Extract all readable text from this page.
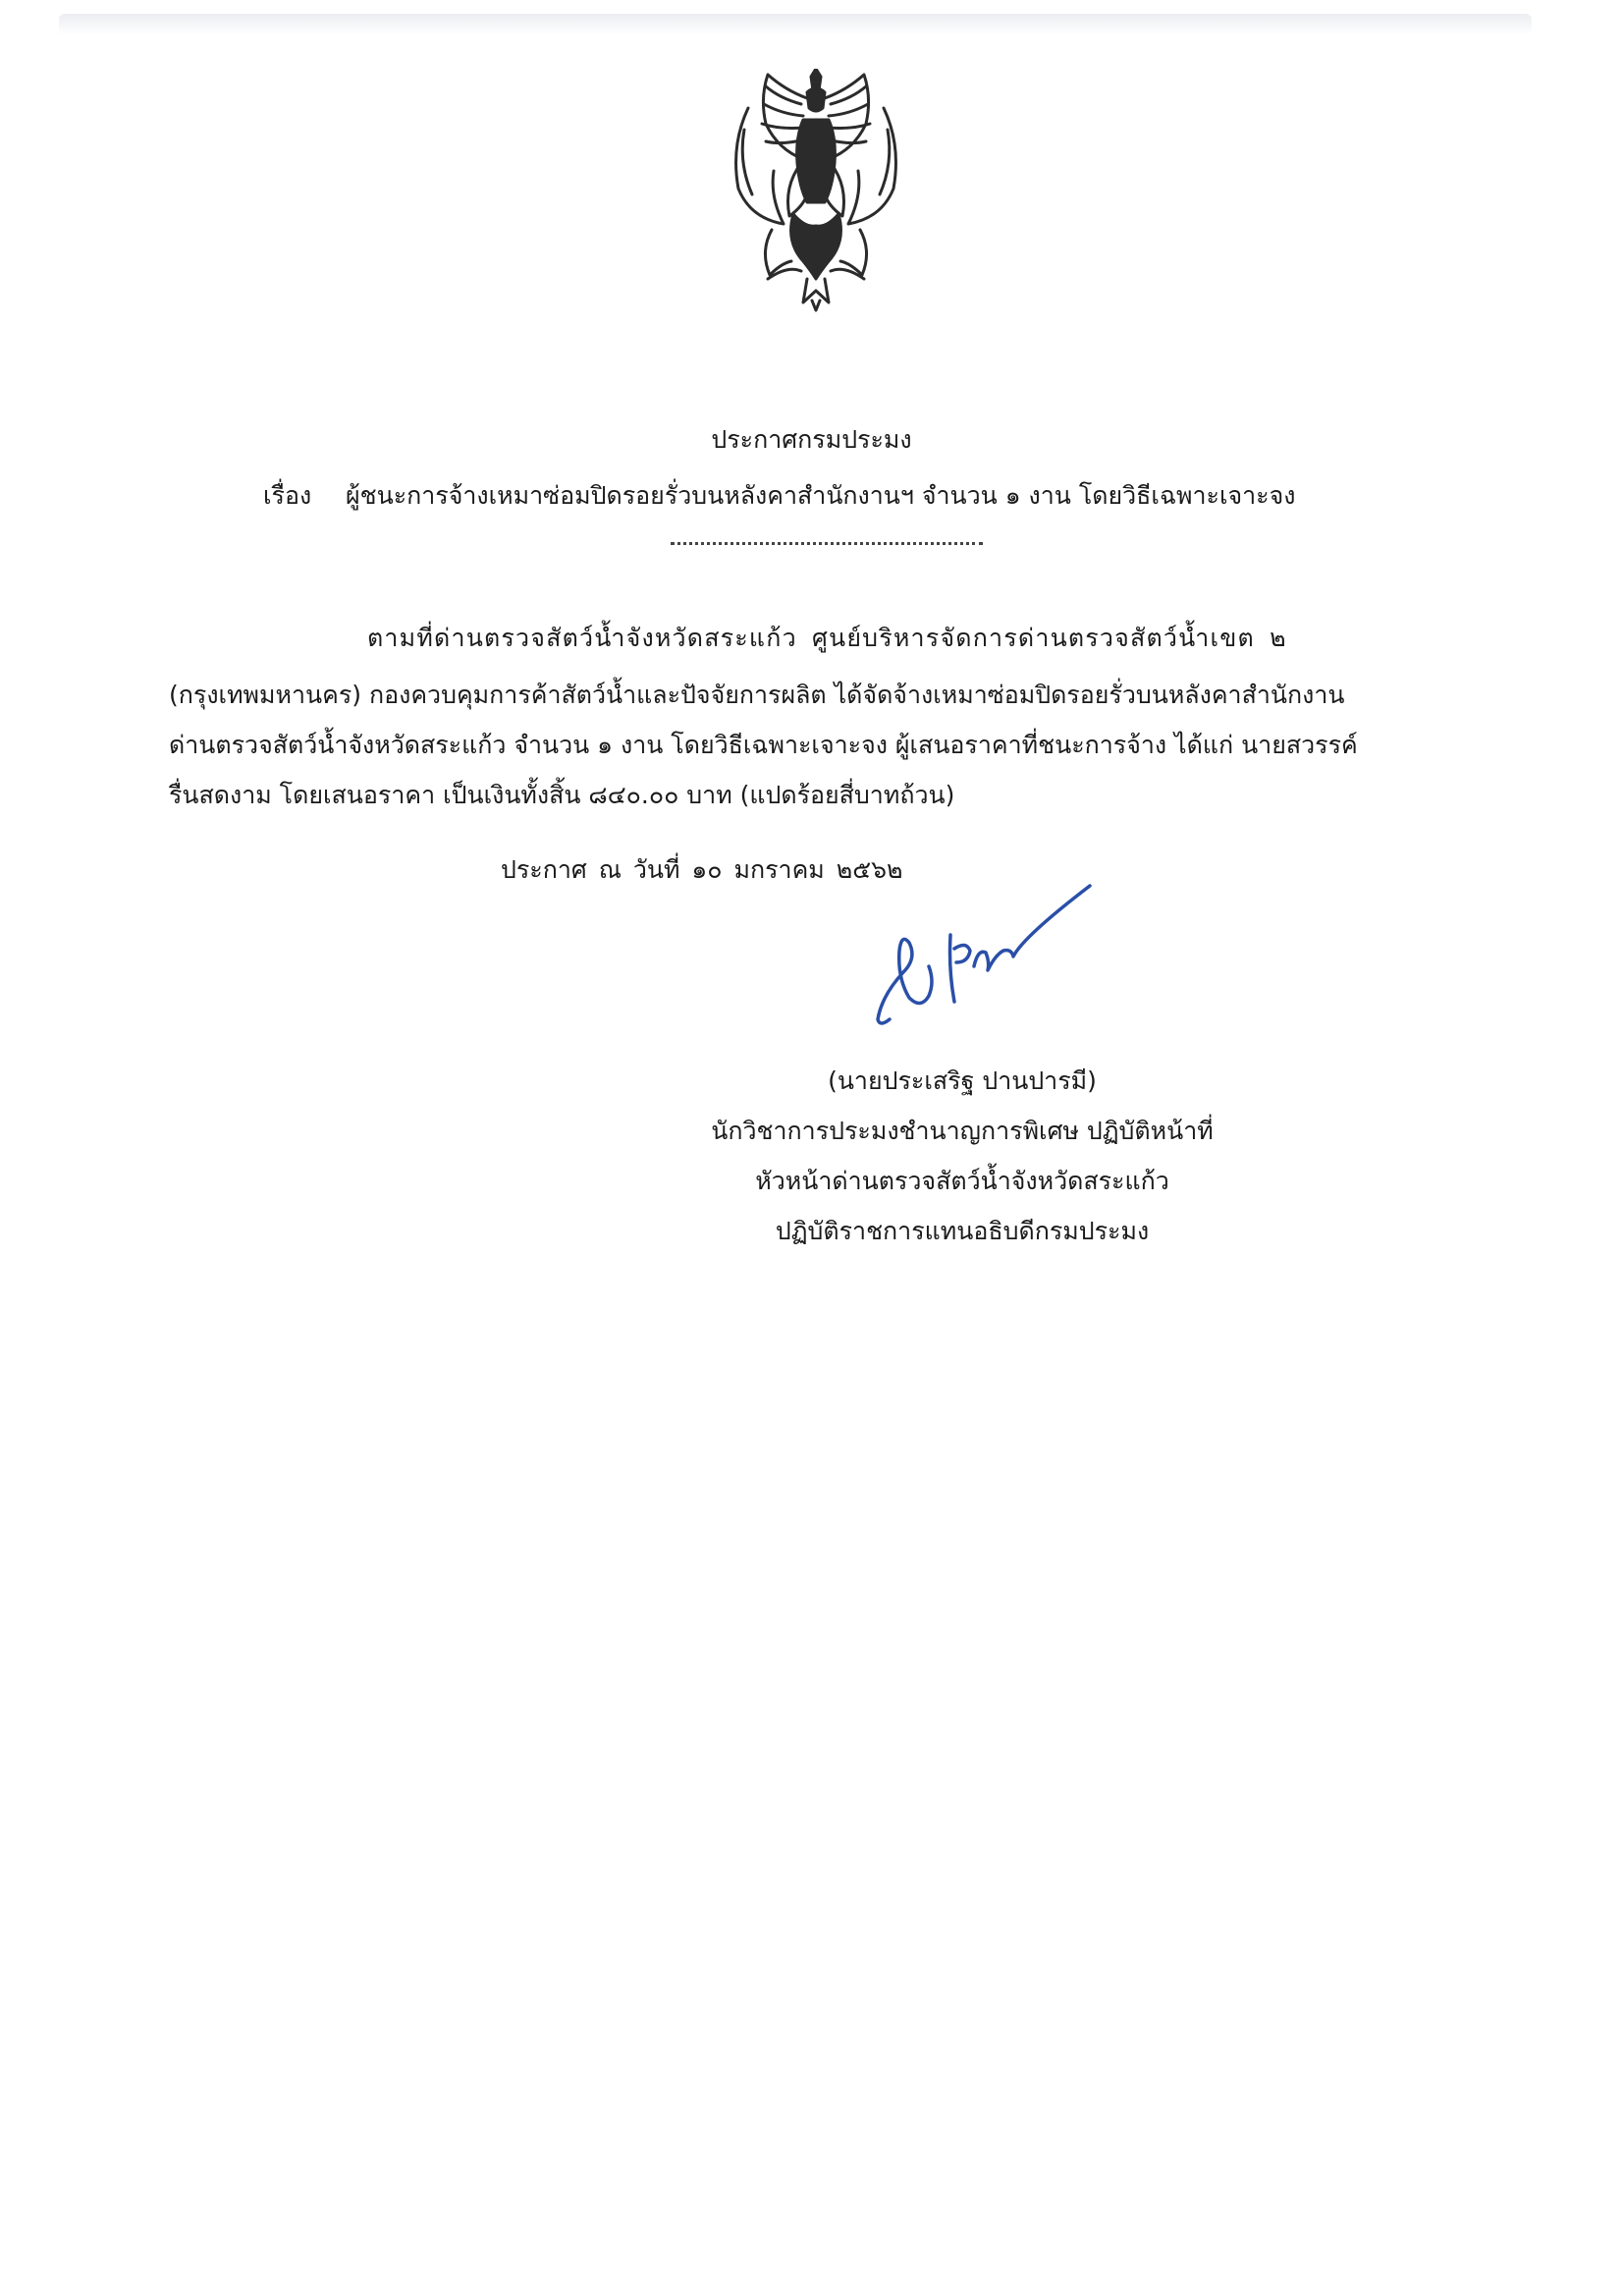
ประกาศกรมประมง
เรื่อง ผู้ชนะการจ้างเหมาซ่อมปิดรอยรั่วบนหลังคาสำนักงานฯ จำนวน ๑ งาน โดยวิธีเฉพาะเจาะจง
ตามที่ด่านตรวจสัตว์น้ำจังหวัดสระแก้ว ศูนย์บริหารจัดการด่านตรวจสัตว์น้ำเขต ๒
(กรุงเทพมหานคร) กองควบคุมการค้าสัตว์น้ำและปัจจัยการผลิต ได้จัดจ้างเหมาซ่อมปิดรอยรั่วบนหลังคาสำนักงาน
ด่านตรวจสัตว์น้ำจังหวัดสระแก้ว จำนวน ๑ งาน โดยวิธีเฉพาะเจาะจง ผู้เสนอราคาที่ชนะการจ้าง ได้แก่ นายสวรรค์
รื่นสดงาม โดยเสนอราคา เป็นเงินทั้งสิ้น ๘๔๐.๐๐ บาท (แปดร้อยสี่บาทถ้วน)
ประกาศ ณ วันที่ ๑๐ มกราคม ๒๕๖๒
(นายประเสริฐ ปานปารมี)
นักวิชาการประมงชำนาญการพิเศษ ปฏิบัติหน้าที่
หัวหน้าด่านตรวจสัตว์น้ำจังหวัดสระแก้ว
ปฏิบัติราชการแทนอธิบดีกรมประมง
